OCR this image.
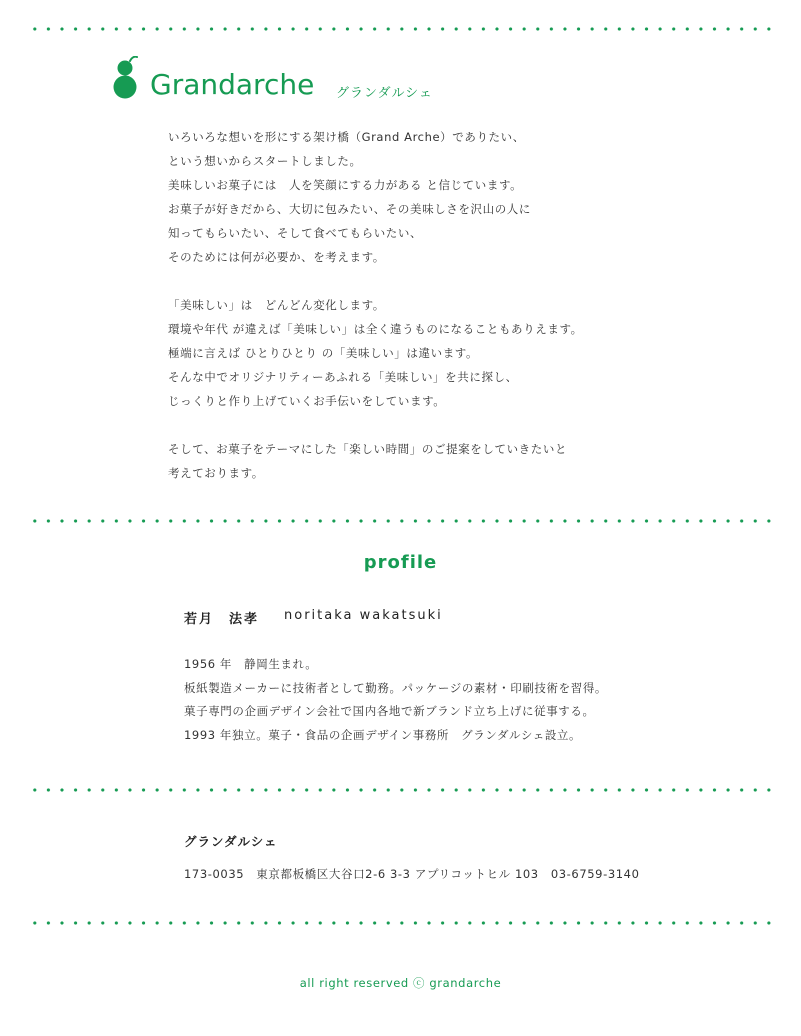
Grandarche グランダルシェ

いろいろな想いを形にする架け橋（Grand Arche）でありたい、

という想いからスタートしました。

美味しいお菓子には　人を笑顔にする力がある と信じています。

お菓子が好きだから、大切に包みたい、その美味しさを沢山の人に

知ってもらいたい、そして食べてもらいたい、

そのためには何が必要か、を考えます。

「美味しい」は　どんどん変化します。

環境や年代 が違えば「美味しい」は全く違うものになることもありえます。

極端に言えば ひとりひとり の「美味しい」は違います。

そんな中でオリジナリティーあふれる「美味しい」を共に探し、

じっくりと作り上げていくお手伝いをしています。

そして、お菓子をテーマにした「楽しい時間」のご提案をしていきたいと

考えております。

profile
若月　法孝 noritaka wakatsuki

1956 年　静岡生まれ。

板紙製造メーカーに技術者として勤務。パッケージの素材・印刷技術を習得。

菓子専門の企画デザイン会社で国内各地で新ブランド立ち上げに従事する。

1993 年独立。菓子・食品の企画デザイン事務所　グランダルシェ設立。

グランダルシェ
173-0035　東京都板橋区大谷口2-6 3-3 アプリコットヒル 103　03-6759-3140
all right reserved ⓒ grandarche
